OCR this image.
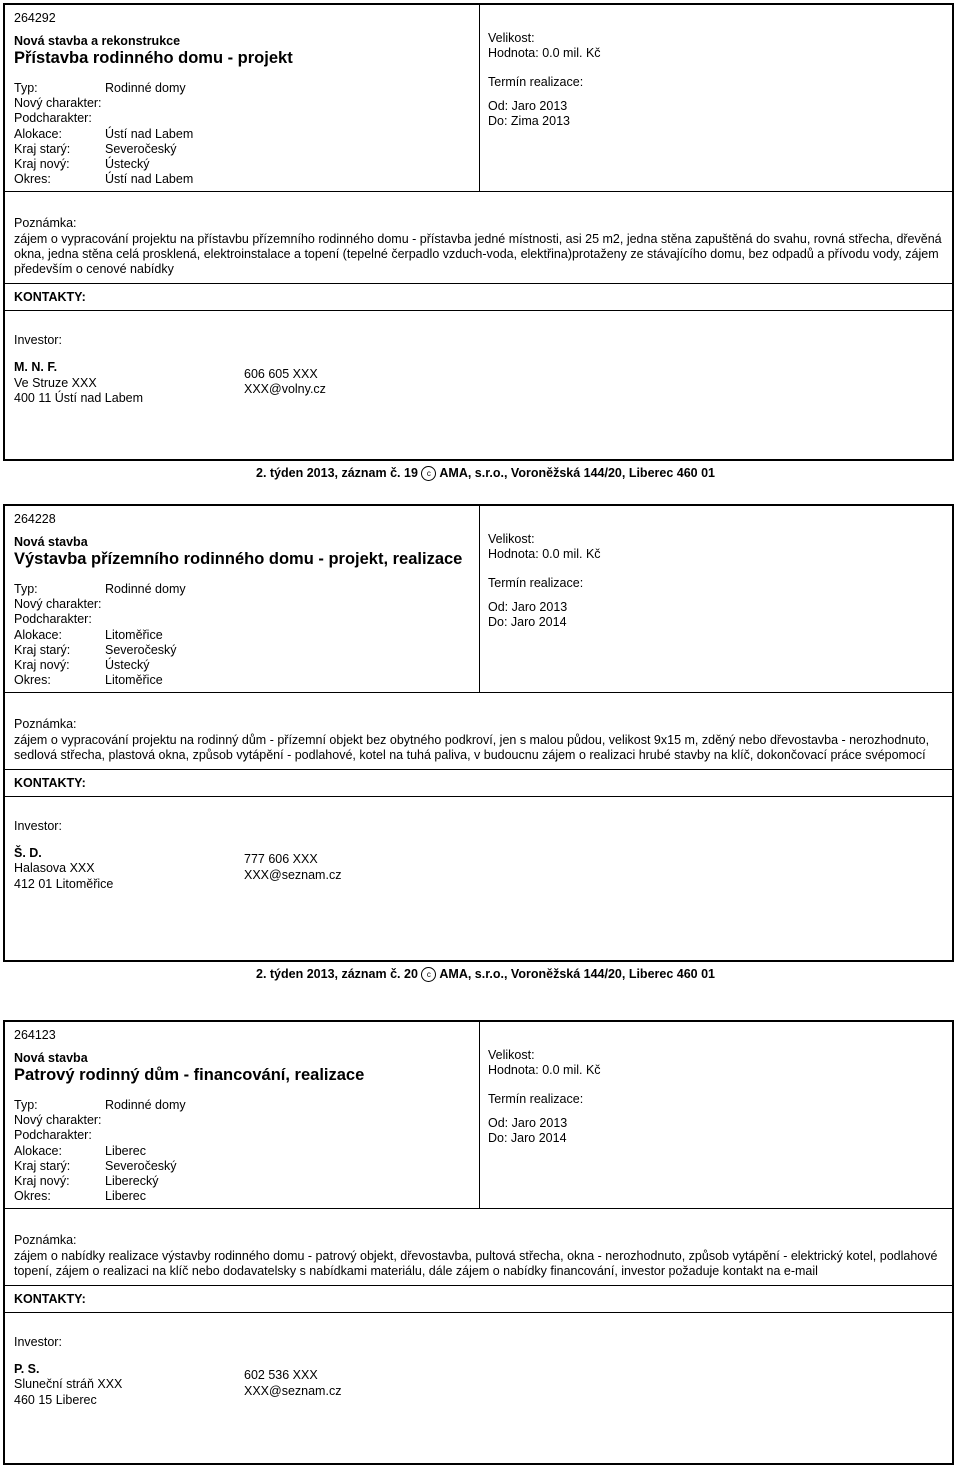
264292
Nová stavba a rekonstrukce
Přístavba rodinného domu - projekt
Typ:	Rodinné domy
Nový charakter:
Podcharakter:
Alokace:	Ústí nad Labem
Kraj starý:	Severočeský
Kraj nový:	Ústecký
Okres:	Ústí nad Labem
Velikost:
Hodnota: 0.0 mil. Kč
Termín realizace:
Od: Jaro 2013
Do: Zima 2013
Poznámka:
zájem o vypracování projektu na přístavbu přízemního rodinného domu - přístavba jedné místnosti, asi 25 m2, jedna stěna zapuštěná do svahu, rovná střecha, dřevěná okna, jedna stěna celá prosklená, elektroinstalace a topení (tepelné čerpadlo vzduch-voda, elektřina)protaženy ze stávajícího domu, bez odpadů a přívodu vody, zájem především o cenové nabídky
KONTAKTY:
Investor:
M. N. F.
Ve Struze XXX
400 11 Ústí nad Labem
606 605 XXX
XXX@volny.cz
2. týden 2013, záznam č. 19 c AMA, s.r.o., Voroněžská 144/20, Liberec 460 01
264228
Nová stavba
Výstavba přízemního rodinného domu - projekt, realizace
Typ:	Rodinné domy
Nový charakter:
Podcharakter:
Alokace:	Litoměřice
Kraj starý:	Severočeský
Kraj nový:	Ústecký
Okres:	Litoměřice
Velikost:
Hodnota: 0.0 mil. Kč
Termín realizace:
Od: Jaro 2013
Do: Jaro 2014
Poznámka:
zájem o vypracování projektu na rodinný dům - přízemní objekt bez obytného podkroví, jen s malou půdou, velikost 9x15 m, zděný nebo dřevostavba - nerozhodnuto, sedlová střecha, plastová okna, způsob vytápění - podlahové, kotel na tuhá paliva, v budoucnu zájem o realizaci hrubé stavby na klíč, dokončovací práce svépomocí
KONTAKTY:
Investor:
Š. D.
Halasova XXX
412 01 Litoměřice
777 606 XXX
XXX@seznam.cz
2. týden 2013, záznam č. 20 c AMA, s.r.o., Voroněžská 144/20, Liberec 460 01
264123
Nová stavba
Patrový rodinný dům - financování, realizace
Typ:	Rodinné domy
Nový charakter:
Podcharakter:
Alokace:	Liberec
Kraj starý:	Severočeský
Kraj nový:	Liberecký
Okres:	Liberec
Velikost:
Hodnota: 0.0 mil. Kč
Termín realizace:
Od: Jaro 2013
Do: Jaro 2014
Poznámka:
zájem o nabídky realizace výstavby rodinného domu - patrový objekt, dřevostavba, pultová střecha, okna - nerozhodnuto, způsob vytápění - elektrický kotel, podlahové topení, zájem o realizaci na klíč nebo dodavatelsky s nabídkami materiálu, dále zájem o nabídky financování, investor požaduje kontakt na e-mail
KONTAKTY:
Investor:
P. S.
Sluneční stráň XXX
460 15 Liberec
602 536 XXX
XXX@seznam.cz
